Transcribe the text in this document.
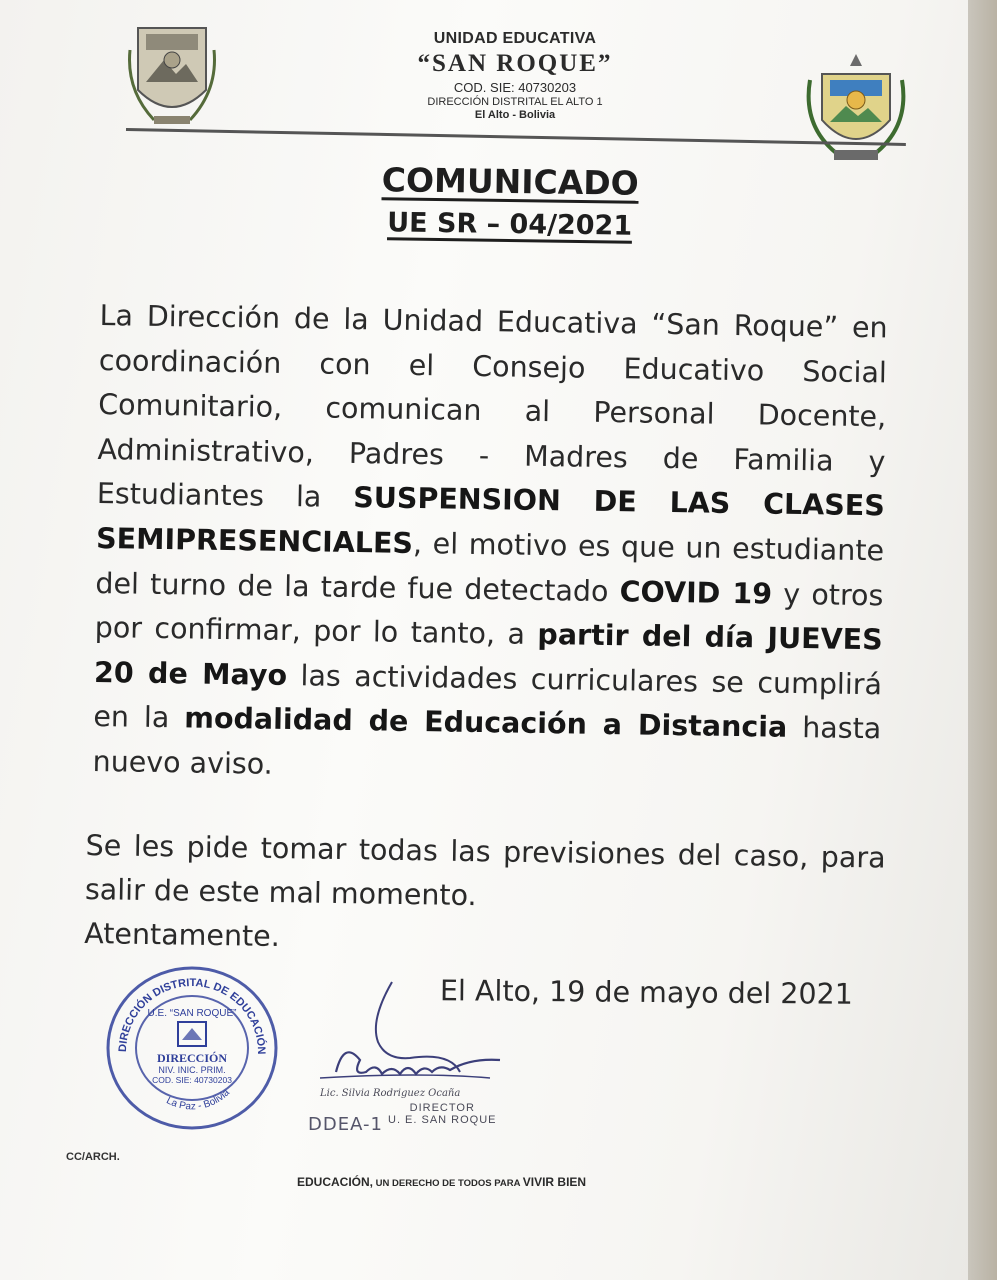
UNIDAD EDUCATIVA
“SAN ROQUE”
COD. SIE: 40730203
DIRECCIÓN DISTRITAL EL ALTO 1
El Alto - Bolivia
COMUNICADO
UE SR – 04/2021
La Dirección de la Unidad Educativa “San Roque” en coordinación con el Consejo Educativo Social Comunitario, comunican al Personal Docente, Administrativo, Padres - Madres de Familia y Estudiantes la SUSPENSION DE LAS CLASES SEMIPRESENCIALES, el motivo es que un estudiante del turno de la tarde fue detectado COVID 19 y otros por confirmar, por lo tanto, a partir del día JUEVES 20 de Mayo las actividades curriculares se cumplirá en la modalidad de Educación a Distancia hasta nuevo aviso.
Se les pide tomar todas las previsiones del caso, para salir de este mal momento.
Atentamente.
El Alto, 19 de mayo del 2021
DIRECCIÓN DISTRITAL DE EDUCACIÓN
La Paz - Bolivia
U.E. “SAN ROQUE”
DIRECCIÓN
NIV. INIC. PRIM.
COD. SIE: 40730203
Lic. Silvia Rodriguez Ocaña
DDEA-1
DIRECTOR
U. E. SAN ROQUE
CC/ARCH.
EDUCACIÓN, UN DERECHO DE TODOS PARA VIVIR BIEN
